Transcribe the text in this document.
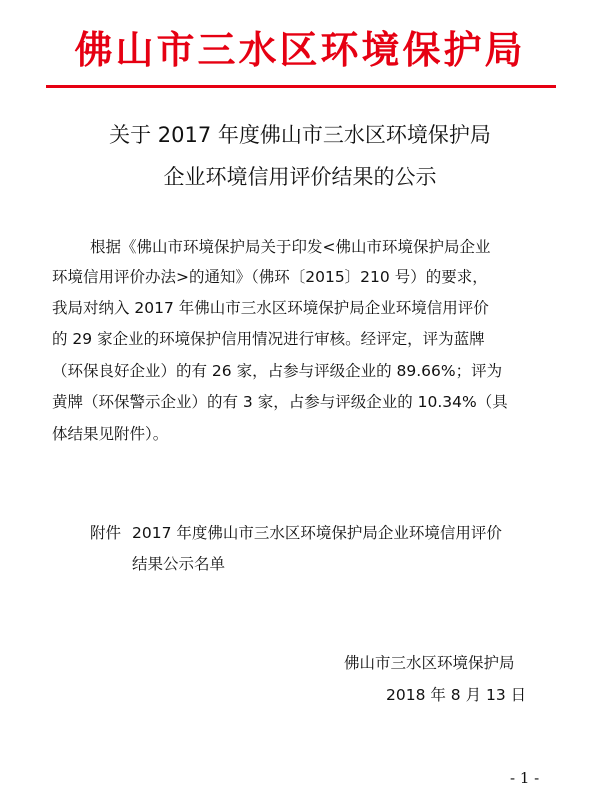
佛山市三水区环境保护局
关于 2017 年度佛山市三水区环境保护局
企业环境信用评价结果的公示
根据《佛山市环境保护局关于印发<佛山市环境保护局企业
环境信用评价办法>的通知》（佛环〔2015〕210 号）的要求，
我局对纳入 2017 年佛山市三水区环境保护局企业环境信用评价
的 29 家企业的环境保护信用情况进行审核。经评定，评为蓝牌
（环保良好企业）的有 26 家，占参与评级企业的 89.66%；评为
黄牌（环保警示企业）的有 3 家，占参与评级企业的 10.34%（具
体结果见附件）。
附件 2017 年度佛山市三水区环境保护局企业环境信用评价
结果公示名单
佛山市三水区环境保护局
2018 年 8 月 13 日
- 1 -
